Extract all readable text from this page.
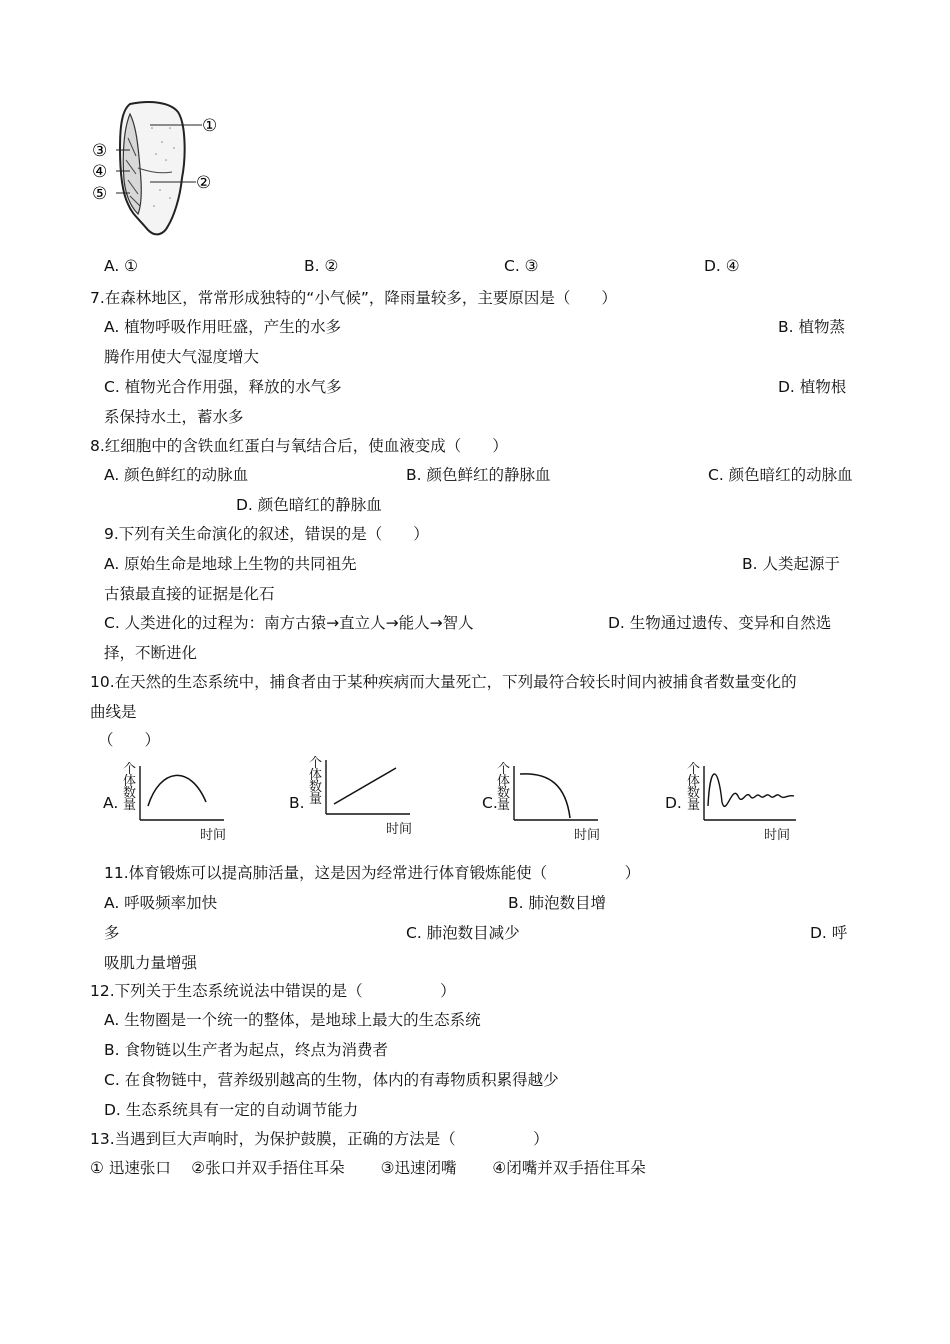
①
②
③
④
⑤
A. ①	B. ②	C. ③	D. ④
7.在森林地区，常常形成独特的“小气候”，降雨量较多，主要原因是（　　）
A. 植物呼吸作用旺盛，产生的水多	B. 植物蒸
腾作用使大气湿度增大
C. 植物光合作用强，释放的水气多	D. 植物根
系保持水土，蓄水多
8.红细胞中的含铁血红蛋白与氧结合后，使血液变成（　　）
A. 颜色鲜红的动脉血	B. 颜色鲜红的静脉血	C. 颜色暗红的动脉血
D. 颜色暗红的静脉血
9.下列有关生命演化的叙述，错误的是（　　）
A. 原始生命是地球上生物的共同祖先	B. 人类起源于
古猿最直接的证据是化石
C. 人类进化的过程为：南方古猿→直立人→能人→智人	D. 生物通过遗传、变异和自然选
择，不断进化
10.在天然的生态系统中，捕食者由于某种疾病而大量死亡，下列最符合较长时间内被捕食者数量变化的
曲线是
（　　）
A.	B.	C.	D.
个体数量
时间
个体数量
时间
个体数量
时间
个体数量
时间
11.体育锻炼可以提高肺活量，这是因为经常进行体育锻炼能使（　　　　　）
A. 呼吸频率加快	B. 肺泡数目增
多	C. 肺泡数目减少	D. 呼
吸肌力量增强
12.下列关于生态系统说法中错误的是（　　　　　）
A. 生物圈是一个统一的整体，是地球上最大的生态系统
B. 食物链以生产者为起点，终点为消费者
C. 在食物链中，营养级别越高的生物，体内的有毒物质积累得越少
D. 生态系统具有一定的自动调节能力
13.当遇到巨大声响时，为保护鼓膜，正确的方法是（　　　　　）
① 迅速张口　 ②张口并双手捂住耳朵　　 ③迅速闭嘴　　 ④闭嘴并双手捂住耳朵
